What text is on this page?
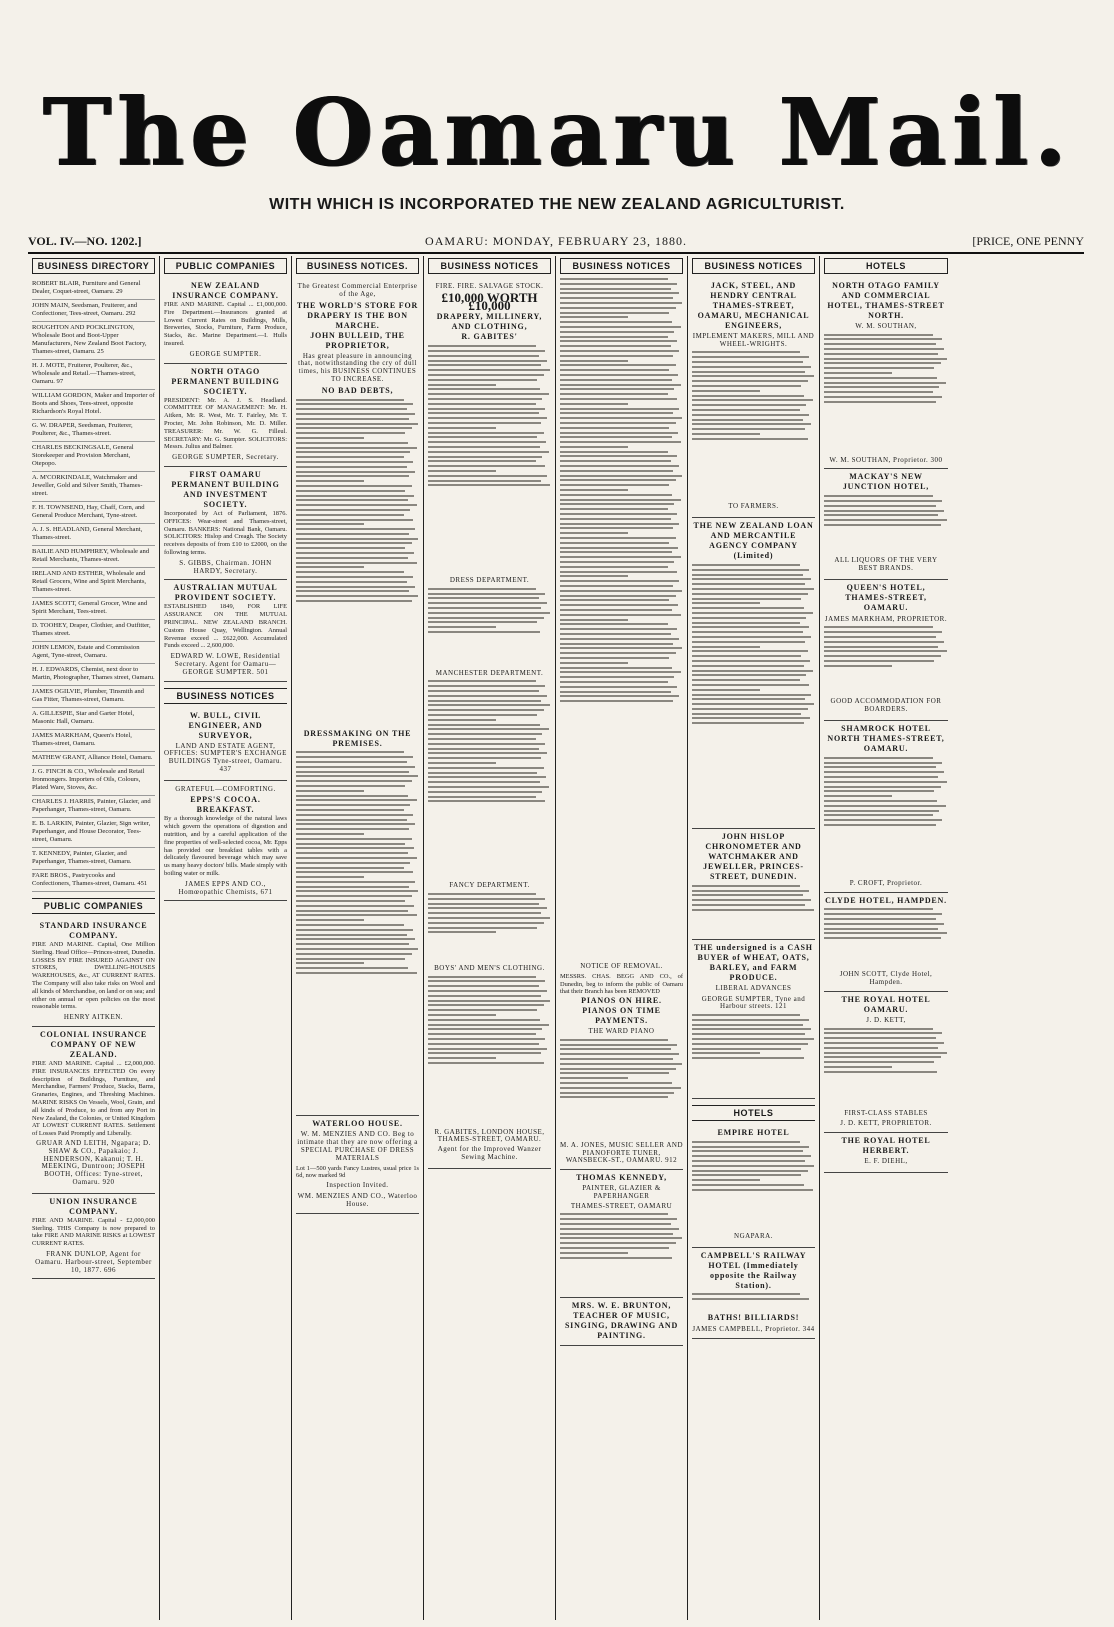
The Oamaru Mail.
WITH WHICH IS INCORPORATED THE NEW ZEALAND AGRICULTURIST.
VOL. IV.—NO. 1202.]	OAMARU: MONDAY, FEBRUARY 23, 1880.	[PRICE, ONE PENNY
BUSINESS DIRECTORY
ROBERT BLAIR, Furniture and General Dealer, Coquet-street, Oamaru. 29
JOHN MAIN, Seedsman, Fruiterer, and Confectioner, Tees-street, Oamaru. 292
ROUGHTON AND POCKLINGTON, Wholesale Boot and Boot-Upper Manufacturers, New Zealand Boot Factory, Thames-street, Oamaru. 25
H. J. MOTE, Fruiterer, Poulterer, &c., Wholesale and Retail.—Thames-street, Oamaru. 97
WILLIAM GORDON, Maker and Importer of Boots and Shoes, Tees-street, opposite Richardson's Royal Hotel.
G. W. DRAPER, Seedsman, Fruiterer, Poulterer, &c., Thames-street.
CHARLES BECKINGSALE, General Storekeeper and Provision Merchant, Otepopo.
A. M'CORKINDALE, Watchmaker and Jeweller, Gold and Silver Smith, Thames-street.
F. H. TOWNSEND, Hay, Chaff, Corn, and General Produce Merchant, Tyne-street.
A. J. S. HEADLAND, General Merchant, Thames-street.
BAILIE AND HUMPHREY, Wholesale and Retail Merchants, Thames-street.
IRELAND AND ESTHER, Wholesale and Retail Grocers, Wine and Spirit Merchants, Thames-street.
JAMES SCOTT, General Grocer, Wine and Spirit Merchant, Tees-street.
D. TOOHEY, Draper, Clothier, and Outfitter, Thames street.
JOHN LEMON, Estate and Commission Agent, Tyne-street, Oamaru.
H. J. EDWARDS, Chemist, next door to Martin, Photographer, Thames street, Oamaru.
JAMES OGILVIE, Plumber, Tinsmith and Gas Fitter, Thames-street, Oamaru.
A. GILLESPIE, Star and Garter Hotel, Masonic Hall, Oamaru.
JAMES MARKHAM, Queen's Hotel, Thames-street, Oamaru.
MATHEW GRANT, Alliance Hotel, Oamaru.
J. G. FINCH & CO., Wholesale and Retail Ironmongers. Importers of Oils, Colours, Plated Ware, Stoves, &c.
CHARLES J. HARRIS, Painter, Glazier, and Paperhanger, Thames-street, Oamaru.
E. B. LARKIN, Painter, Glazier, Sign writer, Paperhanger, and House Decorator, Tees-street, Oamaru.
T. KENNEDY, Painter, Glazier, and Paperhanger, Thames-street, Oamaru.
FARE BROS., Pastrycooks and Confectioners, Thames-street, Oamaru. 451
PUBLIC COMPANIES
STANDARD INSURANCE COMPANY.
FIRE AND MARINE. Capital, One Million Sterling. Head Office—Princes-street, Dunedin. LOSSES BY FIRE INSURED AGAINST ON STORES, DWELLING-HOUSES WAREHOUSES, &c., AT CURRENT RATES. The Company will also take risks on Wool and all kinds of Merchandise, on land or on sea; and either on annual or open policies on the most reasonable terms.
HENRY AITKEN.
COLONIAL INSURANCE COMPANY OF NEW ZEALAND.
FIRE AND MARINE. Capital ... £2,000,000. FIRE INSURANCES EFFECTED On every description of Buildings, Furniture, and Merchandise, Farmers' Produce, Stacks, Barns, Granaries, Engines, and Threshing Machines. MARINE RISKS On Vessels, Wool, Grain, and all kinds of Produce, to and from any Port in New Zealand, the Colonies, or United Kingdom AT LOWEST CURRENT RATES. Settlement of Losses Paid Promptly and Liberally.
GRUAR AND LEITH, Ngapara; D. SHAW & CO., Papakaio; J. HENDERSON, Kakanui; T. H. MEEKING, Duntroon; JOSEPH BOOTH, Offices: Tyne-street, Oamaru. 920
UNION INSURANCE COMPANY.
FIRE AND MARINE. Capital - £2,000,000 Sterling. THIS Company is now prepared to take FIRE AND MARINE RISKS at LOWEST CURRENT RATES.
FRANK DUNLOP, Agent for Oamaru. Harbour-street, September 10, 1877. 696
PUBLIC COMPANIES
NEW ZEALAND INSURANCE COMPANY.
FIRE AND MARINE. Capital ... £1,000,000. Fire Department.—Insurances granted at Lowest Current Rates on Buildings, Mills, Breweries, Stocks, Furniture, Farm Produce, Stacks, &c. Marine Department.—I. Hulls insured.
GEORGE SUMPTER.
NORTH OTAGO PERMANENT BUILDING SOCIETY.
PRESIDENT: Mr. A. J. S. Headland. COMMITTEE OF MANAGEMENT: Mr. H. Aitken, Mr. R. West, Mr. T. Fairley, Mr. T. Procter, Mr. John Robinson, Mr. D. Miller. TREASURER: Mr. W. G. Filleul. SECRETARY: Mr. G. Sumpter. SOLICITORS: Messrs. Julius and Balmer.
GEORGE SUMPTER, Secretary.
FIRST OAMARU PERMANENT BUILDING AND INVESTMENT SOCIETY.
Incorporated by Act of Parliament, 1876. OFFICES: Wear-street and Thames-street, Oamaru. BANKERS: National Bank, Oamaru. SOLICITORS: Hislop and Creagh. The Society receives deposits of from £10 to £2000, on the following terms.
S. GIBBS, Chairman. JOHN HARDY, Secretary.
AUSTRALIAN MUTUAL PROVIDENT SOCIETY.
ESTABLISHED 1849, FOR LIFE ASSURANCE ON THE MUTUAL PRINCIPAL. NEW ZEALAND BRANCH. Custom House Quay, Wellington. Annual Revenue exceed ... £622,000. Accumulated Funds exceed ... 2,600,000.
EDWARD W. LOWE, Residential Secretary. Agent for Oamaru—GEORGE SUMPTER. 501
BUSINESS NOTICES
W. BULL, CIVIL ENGINEER, AND SURVEYOR,
LAND AND ESTATE AGENT, OFFICES: SUMPTER'S EXCHANGE BUILDINGS Tyne-street, Oamaru. 437
GRATEFUL—COMFORTING.
EPPS'S COCOA. BREAKFAST.
By a thorough knowledge of the natural laws which govern the operations of digestion and nutrition, and by a careful application of the fine properties of well-selected cocoa, Mr. Epps has provided our breakfast tables with a delicately flavoured beverage which may save us many heavy doctors' bills. Made simply with boiling water or milk.
JAMES EPPS AND CO., Homœopathic Chemists, 671
BUSINESS NOTICES.
The Greatest Commercial Enterprise of the Age,
THE WORLD'S STORE FOR DRAPERY IS THE BON MARCHE.
JOHN BULLEID, THE PROPRIETOR,
Has great pleasure in announcing that, notwithstanding the cry of dull times, his BUSINESS CONTINUES TO INCREASE.
NO BAD DEBTS,
DRESSMAKING ON THE PREMISES.
WATERLOO HOUSE.
W. M. MENZIES AND CO. Beg to intimate that they are now offering a SPECIAL PURCHASE OF DRESS MATERIALS
Lot 1—500 yards Fancy Lustres, usual price 1s 6d, now marked 9d
Inspection Invited.
WM. MENZIES AND CO., Waterloo House.
BUSINESS NOTICES
FIRE. FIRE. SALVAGE STOCK.
£10,000 WORTH £10,000
DRAPERY, MILLINERY, AND CLOTHING,
R. GABITES'
DRESS DEPARTMENT.
MANCHESTER DEPARTMENT.
FANCY DEPARTMENT.
BOYS' AND MEN'S CLOTHING.
R. GABITES, LONDON HOUSE, THAMES-STREET, OAMARU.
Agent for the Improved Wanzer Sewing Machine.
BUSINESS NOTICES
NOTICE OF REMOVAL.
MESSRS. CHAS. BEGG AND CO., of Dunedin, beg to inform the public of Oamaru that their Branch has been REMOVED
PIANOS ON HIRE.
PIANOS ON TIME PAYMENTS.
THE WARD PIANO
M. A. JONES, MUSIC SELLER AND PIANOFORTE TUNER, WANSBECK-ST., OAMARU. 912
THOMAS KENNEDY,
PAINTER, GLAZIER & PAPERHANGER
THAMES-STREET, OAMARU
MRS. W. E. BRUNTON, TEACHER OF MUSIC, SINGING, DRAWING AND PAINTING.
BUSINESS NOTICES
JACK, STEEL, AND HENDRY CENTRAL THAMES-STREET, OAMARU, MECHANICAL ENGINEERS,
IMPLEMENT MAKERS, MILL AND WHEEL-WRIGHTS.
TO FARMERS.
THE NEW ZEALAND LOAN AND MERCANTILE AGENCY COMPANY (Limited)
JOHN HISLOP CHRONOMETER AND WATCHMAKER AND JEWELLER, PRINCES-STREET, DUNEDIN.
THE undersigned is a CASH BUYER of WHEAT, OATS, BARLEY, and FARM PRODUCE.
LIBERAL ADVANCES
GEORGE SUMPTER, Tyne and Harbour streets. 121
HOTELS
EMPIRE HOTEL
NGAPARA.
CAMPBELL'S RAILWAY HOTEL (Immediately opposite the Railway Station).
BATHS! BILLIARDS!
JAMES CAMPBELL, Proprietor. 344
HOTELS
NORTH OTAGO FAMILY AND COMMERCIAL HOTEL, THAMES-STREET NORTH.
W. M. SOUTHAN,
W. M. SOUTHAN, Proprietor. 300
MACKAY'S NEW JUNCTION HOTEL,
ALL LIQUORS OF THE VERY BEST BRANDS.
QUEEN'S HOTEL, THAMES-STREET, OAMARU.
JAMES MARKHAM, PROPRIETOR.
GOOD ACCOMMODATION FOR BOARDERS.
SHAMROCK HOTEL NORTH THAMES-STREET, OAMARU.
P. CROFT, Proprietor.
CLYDE HOTEL, HAMPDEN.
JOHN SCOTT, Clyde Hotel, Hampden.
THE ROYAL HOTEL OAMARU.
J. D. KETT,
FIRST-CLASS STABLES
J. D. KETT, PROPRIETOR.
THE ROYAL HOTEL HERBERT.
E. F. DIEHL,
